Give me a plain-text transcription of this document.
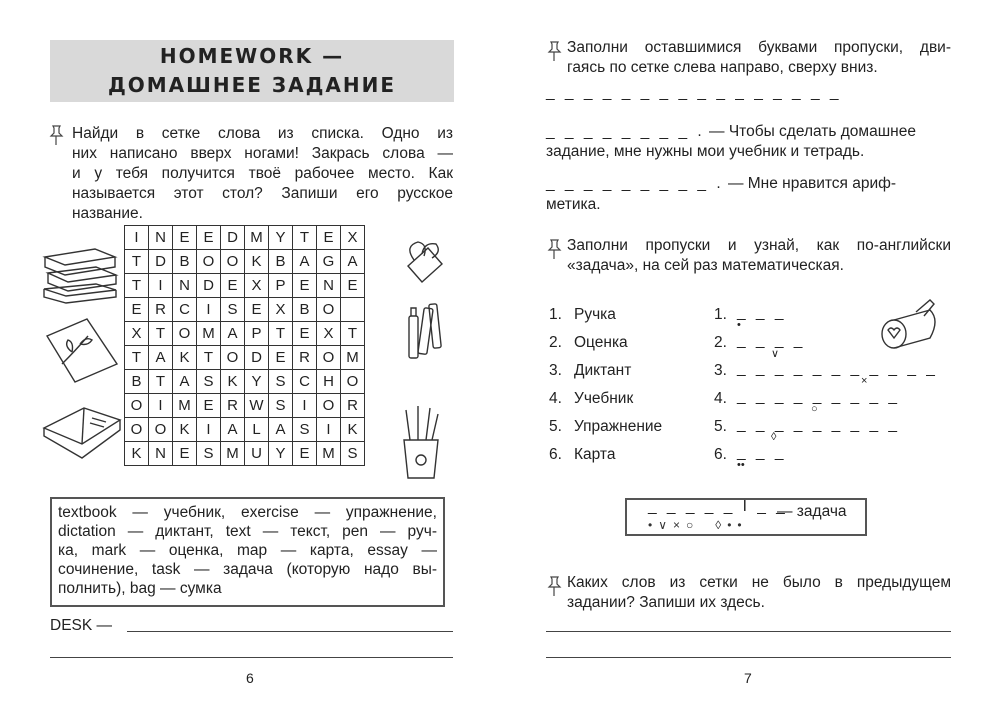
HOMEWORK —
ДОМАШНЕЕ ЗАДАНИЕ
Найди в сетке слова из списка. Одно из
них написано вверх ногами! Закрась слова —
и у тебя получится твоё рабочее место. Как
называется этот стол? Запиши его русское
название.
I	N	E	E	D	M	Y	T	E	X
T	D	B	O	O	K	B	A	G	A
T	I	N	D	E	X	P	E	N	E
E	R	C	I	S	E	X	B	O	
X	T	O	M	A	P	T	E	X	T
T	A	K	T	O	D	E	R	O	M
B	T	A	S	K	Y	S	C	H	O
O	I	M	E	R	W	S	I	O	R
O	O	K	I	A	L	A	S	I	K
K	N	E	S	M	U	Y	E	M	S

textbook — учебник, exercise — упражнение,

dictation — диктант, text — текст, pen — руч-

ка, mark — оценка, map — карта, essay —

сочинение, task — задача (которую надо вы-

полнить), bag — сумка

DESK —
6
Заполни оставшимися буквами пропуски, дви-
гаясь по сетке слева направо, сверху вниз.
_ _ _ _ _ _ _ _ _ _ _ _ _ _ _ _
_ _ _ _ _ _ _ _ . — Чтобы сделать домашнее
задание, мне нужны мои учебник и тетрадь.
_ _ _ _ _ _ _ _ _ . — Мне нравится ариф-
метика.
Заполни пропуски и узнай, как по-английски
«задача», на сей раз математическая.
1. Ручка	1. _ _ _
•
2. Оценка	2. _ _ _ _
∨
3. Диктант	3. _ _ _ _ _ _ _ _ _ _ _
×
4. Учебник	4. _ _ _ _ _ _ _ _ _
○
5. Упражнение	5. _ _ _ _ _ _ _ _ _
◊
6. Карта	6. _ _ _
••
_ _ _ _ _ I _ _
— задача
•∨×○ ◊••
Каких слов из сетки не было в предыдущем
задании? Запиши их здесь.
7
